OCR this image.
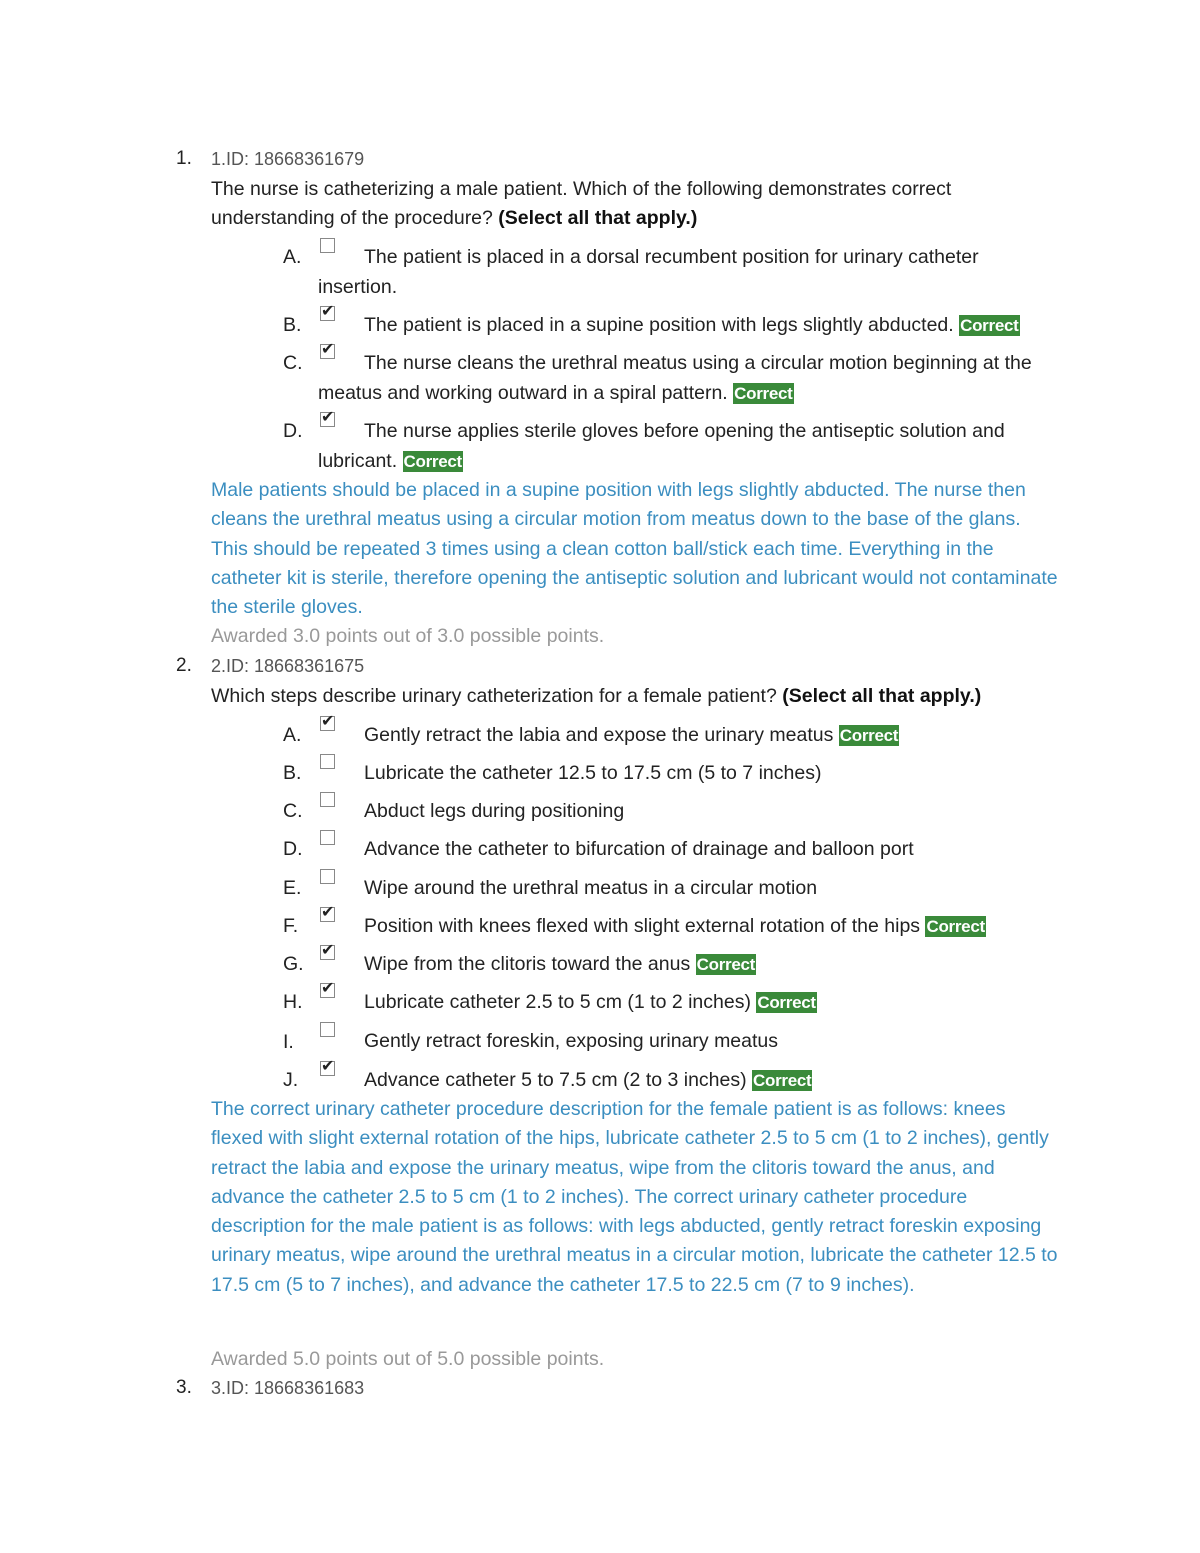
1. 1.ID: 18668361679
The nurse is catheterizing a male patient. Which of the following demonstrates correct understanding of the procedure? (Select all that apply.)
A.	The patient is placed in a dorsal recumbent position for urinary catheter insertion.
B.
✔	The patient is placed in a supine position with legs slightly abducted. Correct
C.
✔	The nurse cleans the urethral meatus using a circular motion beginning at the meatus and working outward in a spiral pattern. Correct
D.
✔	The nurse applies sterile gloves before opening the antiseptic solution and lubricant. Correct
Male patients should be placed in a supine position with legs slightly abducted. The nurse then cleans the urethral meatus using a circular motion from meatus down to the base of the glans. This should be repeated 3 times using a clean cotton ball/stick each time. Everything in the catheter kit is sterile, therefore opening the antiseptic solution and lubricant would not contaminate the sterile gloves.
Awarded 3.0 points out of 3.0 possible points.
2. 2.ID: 18668361675
Which steps describe urinary catheterization for a female patient? (Select all that apply.)
A.
✔	Gently retract the labia and expose the urinary meatus Correct
B.	Lubricate the catheter 12.5 to 17.5 cm (5 to 7 inches)
C.	Abduct legs during positioning
D.	Advance the catheter to bifurcation of drainage and balloon port
E.	Wipe around the urethral meatus in a circular motion
F.
✔	Position with knees flexed with slight external rotation of the hips Correct
G.
✔	Wipe from the clitoris toward the anus Correct
H.
✔	Lubricate catheter 2.5 to 5 cm (1 to 2 inches) Correct
I.	Gently retract foreskin, exposing urinary meatus
J.
✔	Advance catheter 5 to 7.5 cm (2 to 3 inches) Correct
The correct urinary catheter procedure description for the female patient is as follows: knees flexed with slight external rotation of the hips, lubricate catheter 2.5 to 5 cm (1 to 2 inches), gently retract the labia and expose the urinary meatus, wipe from the clitoris toward the anus, and advance the catheter 2.5 to 5 cm (1 to 2 inches). The correct urinary catheter procedure description for the male patient is as follows: with legs abducted, gently retract foreskin exposing urinary meatus, wipe around the urethral meatus in a circular motion, lubricate the catheter 12.5 to 17.5 cm (5 to 7 inches), and advance the catheter 17.5 to 22.5 cm (7 to 9 inches).
Awarded 5.0 points out of 5.0 possible points.
3. 3.ID: 18668361683
